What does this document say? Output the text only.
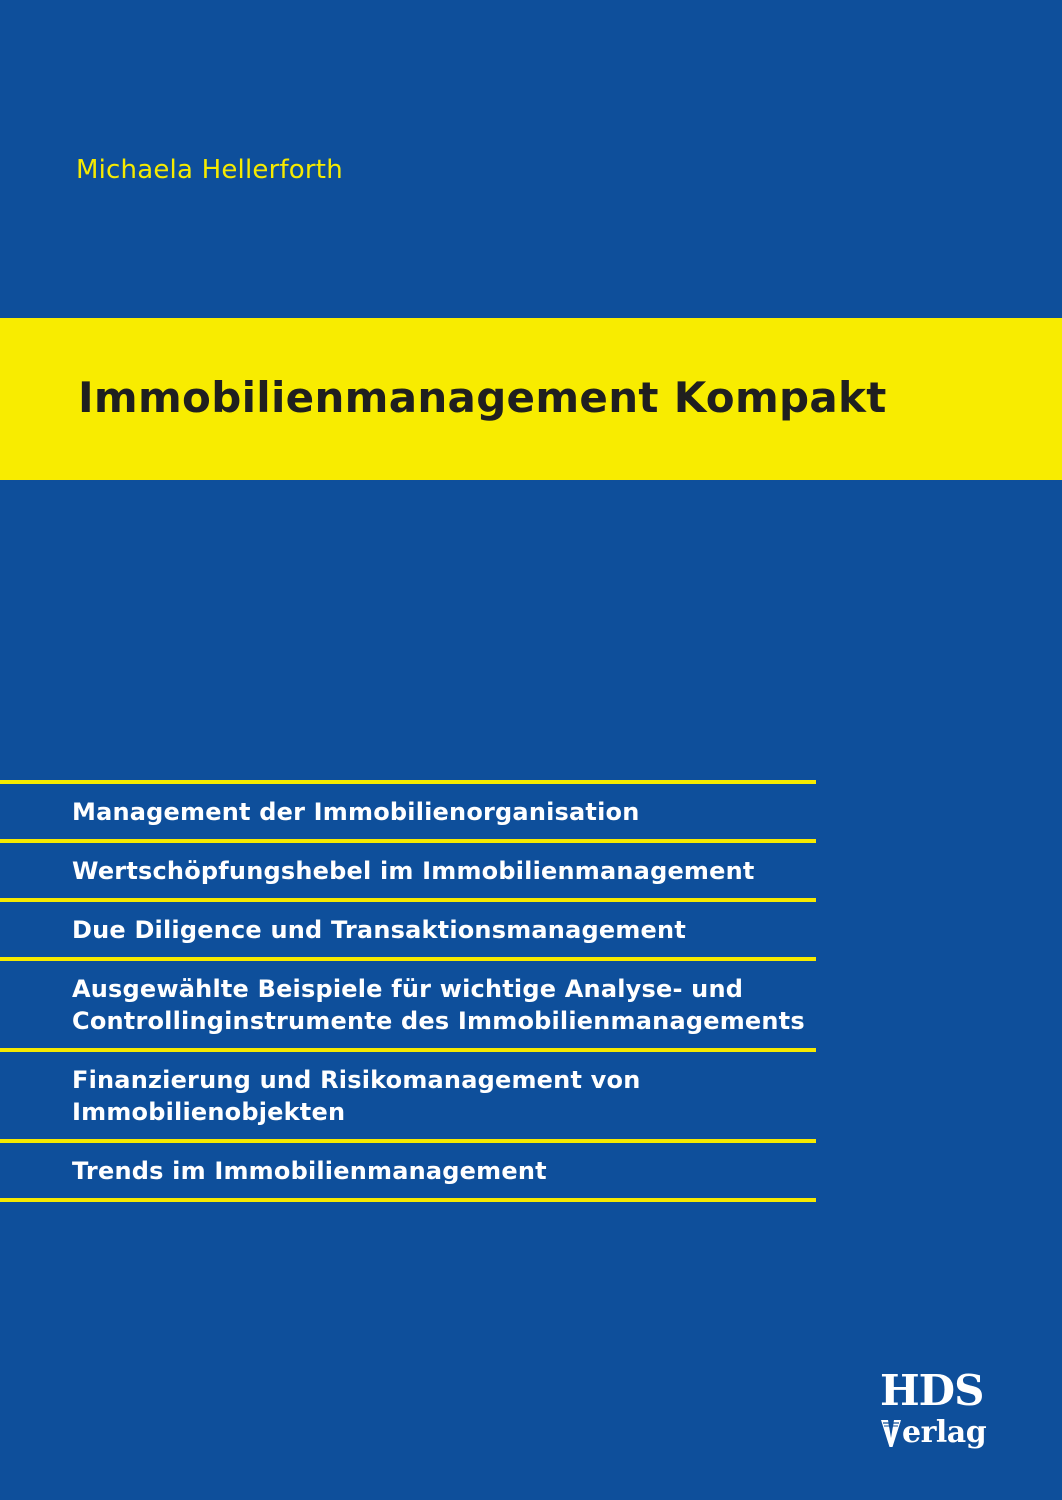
Michaela Hellerforth
Immobilienmanagement Kompakt
Management der Immobilienorganisation
Wertschöpfungshebel im Immobilienmanagement
Due Diligence und Transaktionsmanagement
Ausgewählte Beispiele für wichtige Analyse- und
Controllinginstrumente des Immobilienmanagements
Finanzierung und Risikomanagement von
Immobilienobjekten
Trends im Immobilienmanagement
HDS
erlag
